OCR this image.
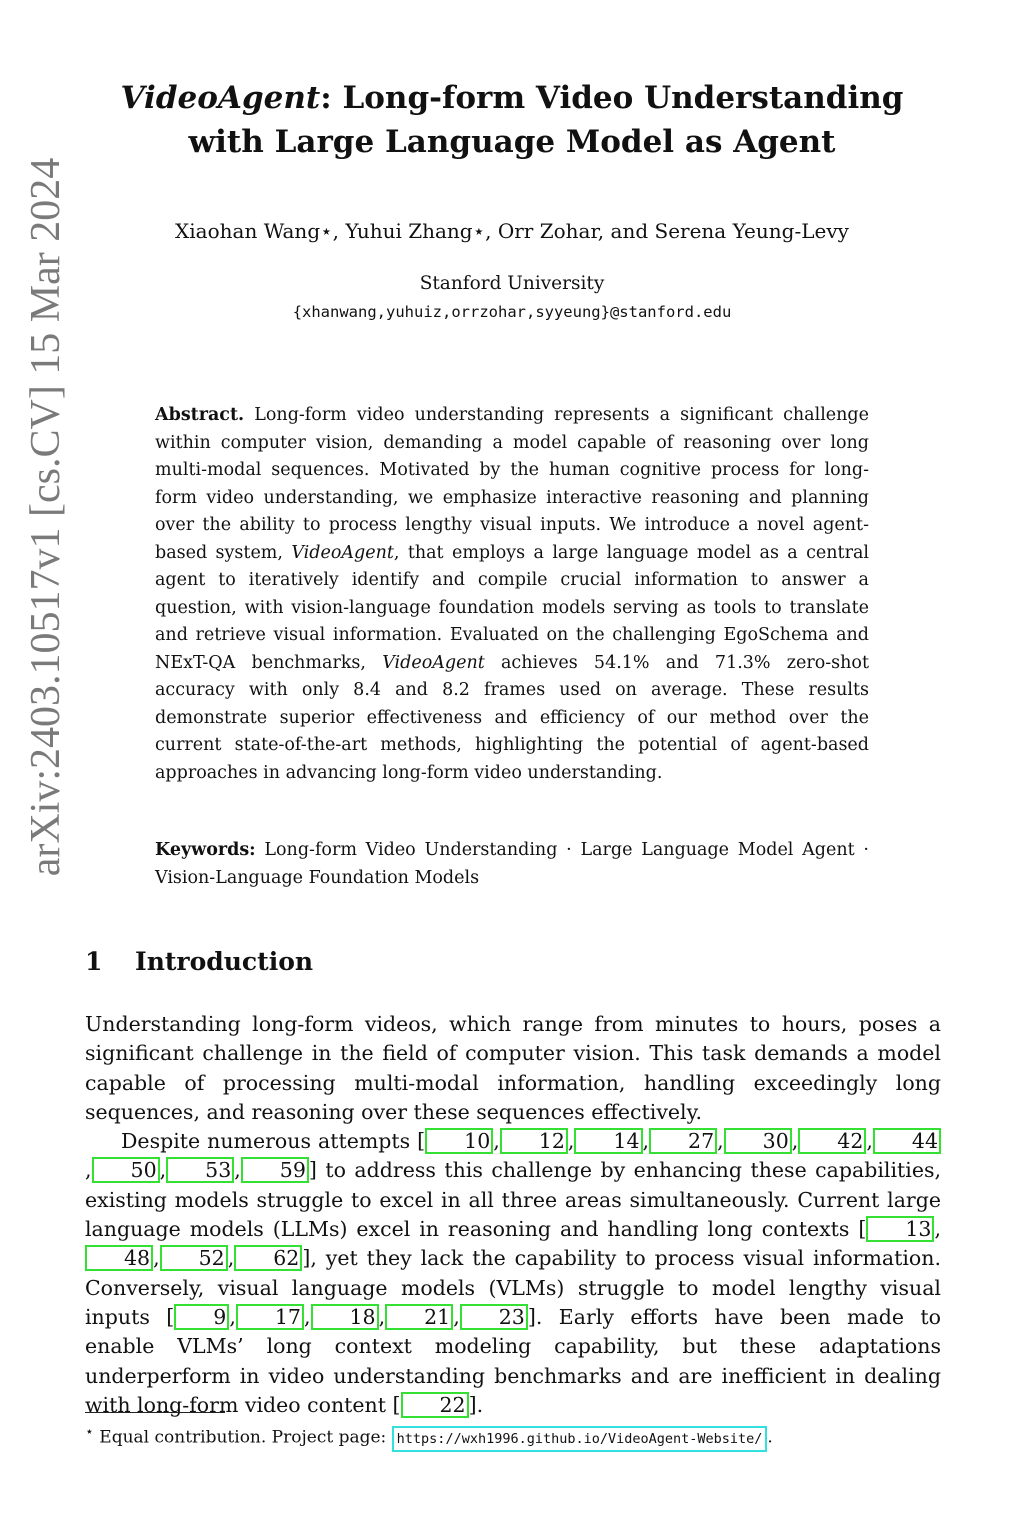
arXiv:2403.10517v1 [cs.CV] 15 Mar 2024
VideoAgent: Long-form Video Understanding
with Large Language Model as Agent
Xiaohan Wang⋆, Yuhui Zhang⋆, Orr Zohar, and Serena Yeung-Levy
Stanford University
{xhanwang,yuhuiz,orrzohar,syyeung}@stanford.edu
Abstract. Long-form video understanding represents a significant challenge within computer vision, demanding a model capable of reasoning over long multi-modal sequences. Motivated by the human cognitive process for long-form video understanding, we emphasize interactive reasoning and planning over the ability to process lengthy visual inputs. We introduce a novel agent-based system, VideoAgent, that employs a large language model as a central agent to iteratively identify and compile crucial information to answer a question, with vision-language foundation models serving as tools to translate and retrieve visual information. Evaluated on the challenging EgoSchema and NExT-QA benchmarks, VideoAgent achieves 54.1% and 71.3% zero-shot accuracy with only 8.4 and 8.2 frames used on average. These results demonstrate superior effectiveness and efficiency of our method over the current state-of-the-art methods, highlighting the potential of agent-based approaches in advancing long-form video understanding.
Keywords: Long-form Video Understanding · Large Language Model Agent · Vision-Language Foundation Models
1 Introduction

Understanding long-form videos, which range from minutes to hours, poses a significant challenge in the field of computer vision. This task demands a model capable of processing multi-modal information, handling exceedingly long sequences, and reasoning over these sequences effectively.

Despite numerous attempts [ 10 , 12 , 14 , 27 , 30 , 42 , 44, 50 , 53 , 59 ] to address this challenge by enhancing these capabilities, existing models struggle to excel in all three areas simultaneously. Current large language models (LLMs) excel in reasoning and handling long contexts [ 13 ,48 , 52 , 62 ], yet they lack the capability to process visual information. Conversely, visual language models (VLMs) struggle to model lengthy visual inputs [ 9 , 17 , 18 , 21 , 23 ]. Early efforts have been made to enable VLMs’ long context modeling capability, but these adaptations underperform in video understanding benchmarks and are inefficient in dealing with long-form video content [ 22 ].

⋆ Equal contribution. Project page: https://wxh1996.github.io/VideoAgent-Website/ .
